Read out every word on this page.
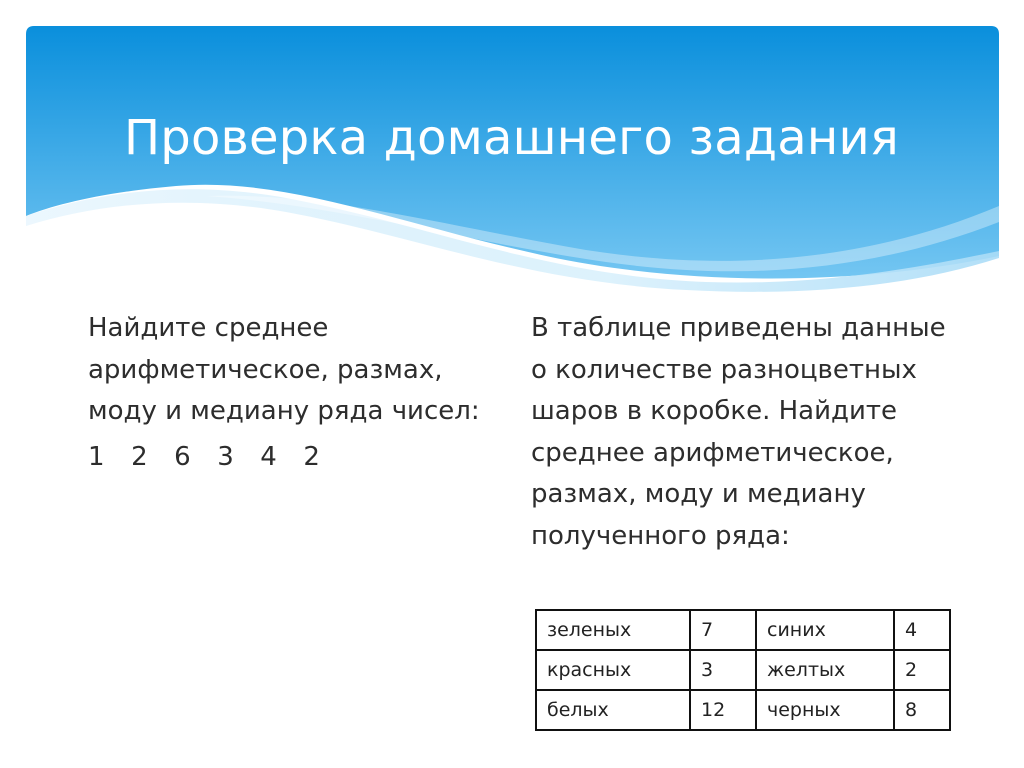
Проверка домашнего задания

Найдите среднее арифметическое, размах, моду и медиану ряда чисел:

1  2  6  3  4  2

В таблице приведены данные о количестве разноцветных шаров в коробке. Найдите среднее арифметическое, размах, моду и медиану полученного ряда:

зеленых	7	синих	4
красных	3	желтых	2
белых	12	черных	8
